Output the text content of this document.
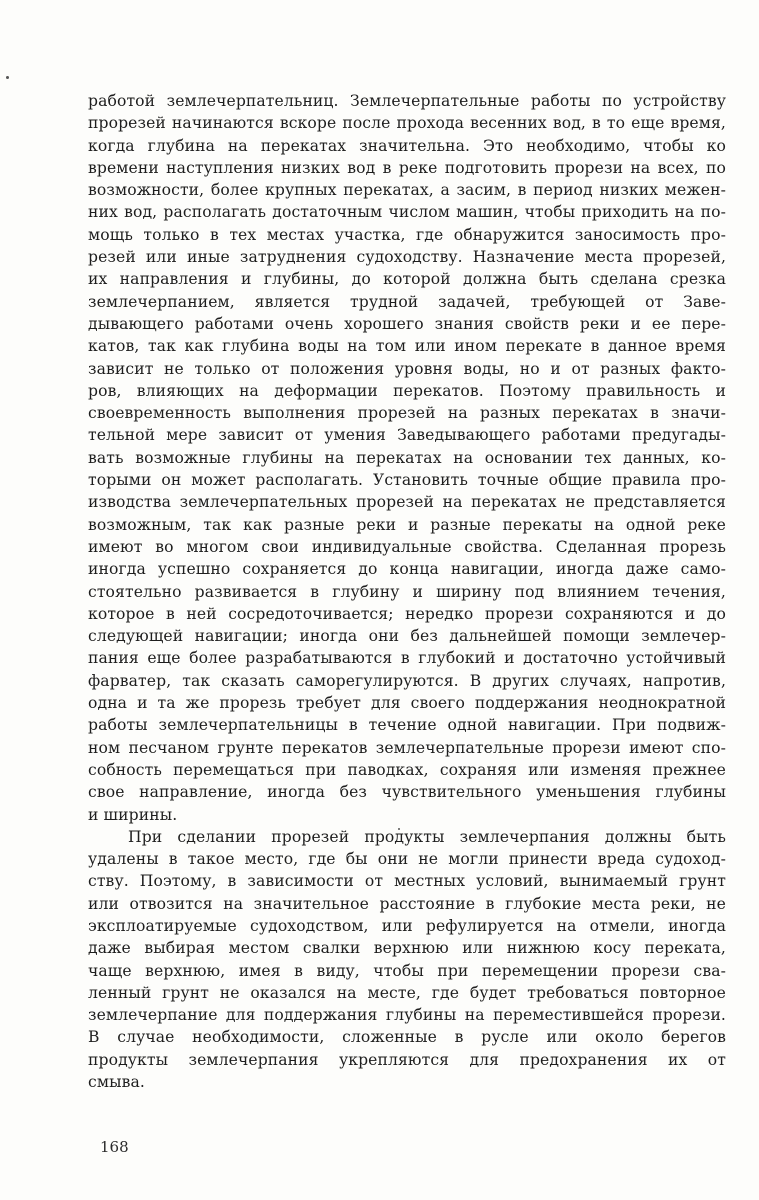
работой землечерпательниц. Землечерпательные работы по устройству
прорезей начинаются вскоре после прохода весенних вод, в то еще время,
когда глубина на перекатах значительна. Это необходимо, чтобы ко
времени наступления низких вод в реке подготовить прорези на всех, по
возможности, более крупных перекатах, а засим, в период низких межен-
них вод, располагать достаточным числом машин, чтобы приходить на по-
мощь только в тех местах участка, где обнаружится заносимость про-
резей или иные затруднения судоходству. Назначение места прорезей,
их направления и глубины, до которой должна быть сделана срезка
землечерпанием, является трудной задачей, требующей от Заве-
дывающего работами очень хорошего знания свойств реки и ее пере-
катов, так как глубина воды на том или ином перекате в данное время
зависит не только от положения уровня воды, но и от разных факто-
ров, влияющих на деформации перекатов. Поэтому правильность и
своевременность выполнения прорезей на разных перекатах в значи-
тельной мере зависит от умения Заведывающего работами предугады-
вать возможные глубины на перекатах на основании тех данных, ко-
торыми он может располагать. Установить точные общие правила про-
изводства землечерпательных прорезей на перекатах не представляется
возможным, так как разные реки и разные перекаты на одной реке
имеют во многом свои индивидуальные свойства. Сделанная прорезь
иногда успешно сохраняется до конца навигации, иногда даже само-
стоятельно развивается в глубину и ширину под влиянием течения,
которое в ней сосредоточивается; нередко прорези сохраняются и до
следующей навигации; иногда они без дальнейшей помощи землечер-
пания еще более разрабатываются в глубокий и достаточно устойчивый
фарватер, так сказать саморегулируются. В других случаях, напротив,
одна и та же прорезь требует для своего поддержания неоднократной
работы землечерпательницы в течение одной навигации. При подвиж-
ном песчаном грунте перекатов землечерпательные прорези имеют спо-
собность перемещаться при паводках, сохраняя или изменяя прежнее
свое направление, иногда без чувствительного уменьшения глубины
и ширины.
При сделании прорезей продукты землечерпания должны быть
удалены в такое место, где бы они не могли принести вреда судоход-
ству. Поэтому, в зависимости от местных условий, вынимаемый грунт
или отвозится на значительное расстояние в глубокие места реки, не
эксплоатируемые судоходством, или рефулируется на отмели, иногда
даже выбирая местом свалки верхнюю или нижнюю косу переката,
чаще верхнюю, имея в виду, чтобы при перемещении прорези сва-
ленный грунт не оказался на месте, где будет требоваться повторное
землечерпание для поддержания глубины на переместившейся прорези.
В случае необходимости, сложенные в русле или около берегов
продукты землечерпания укрепляются для предохранения их от
смыва.
168
